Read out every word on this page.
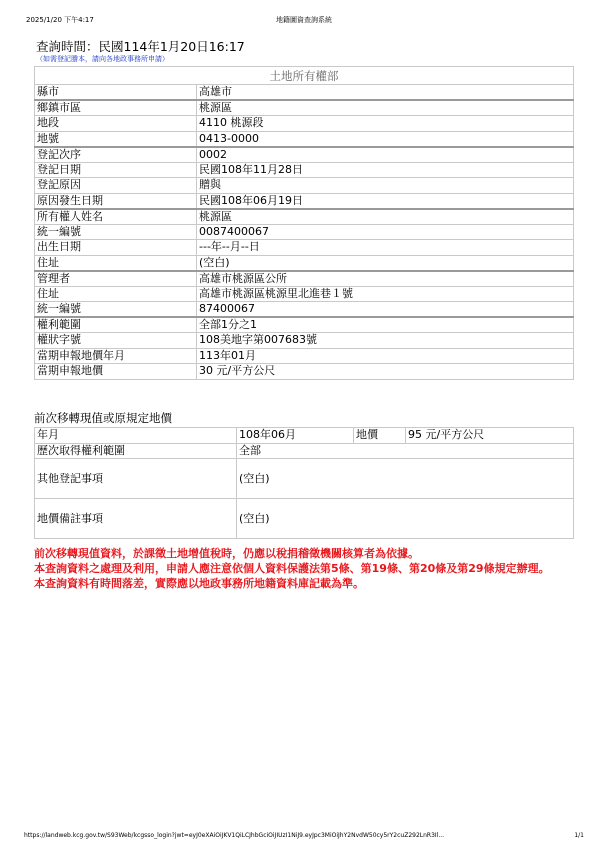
2025/1/20 下午4:17	地籍圖資查詢系統
查詢時間：民國114年1月20日16:17
（如需登記謄本，請向各地政事務所申請）
土地所有權部	
縣市	高雄市
鄉鎮市區	桃源區
地段	4110 桃源段
地號	0413-0000
登記次序	0002
登記日期	民國108年11月28日
登記原因	贈與
原因發生日期	民國108年06月19日
所有權人姓名	桃源區
統一編號	0087400067
出生日期	---年--月--日
住址	(空白)
管理者	高雄市桃源區公所
住址	高雄市桃源區桃源里北進巷１號
統一編號	87400067
權利範圍	全部1分之1
權狀字號	108美地字第007683號
當期申報地價年月	113年01月
當期申報地價	30 元/平方公尺
前次移轉現值或原規定地價
年月	108年06月	地價	95 元/平方公尺
歷次取得權利範圍	全部		
其他登記事項	(空白)		
地價備註事項	(空白)		

前次移轉現值資料，於課徵土地增值稅時，仍應以稅捐稽徵機關核算者為依據。

本查詢資料之處理及利用，申請人應注意依個人資料保護法第5條、第19條、第20條及第29條規定辦理。

本查詢資料有時間落差，實際應以地政事務所地籍資料庫記載為準。

https://landweb.kcg.gov.tw/S93Web/kcgsso_login?jwt=eyJ0eXAiOiJKV1QiLCJhbGciOiJIUzI1NiJ9.eyJpc3MiOiJhY2NvdW50cy5rY2cuZ292LnR3Il...	1/1
